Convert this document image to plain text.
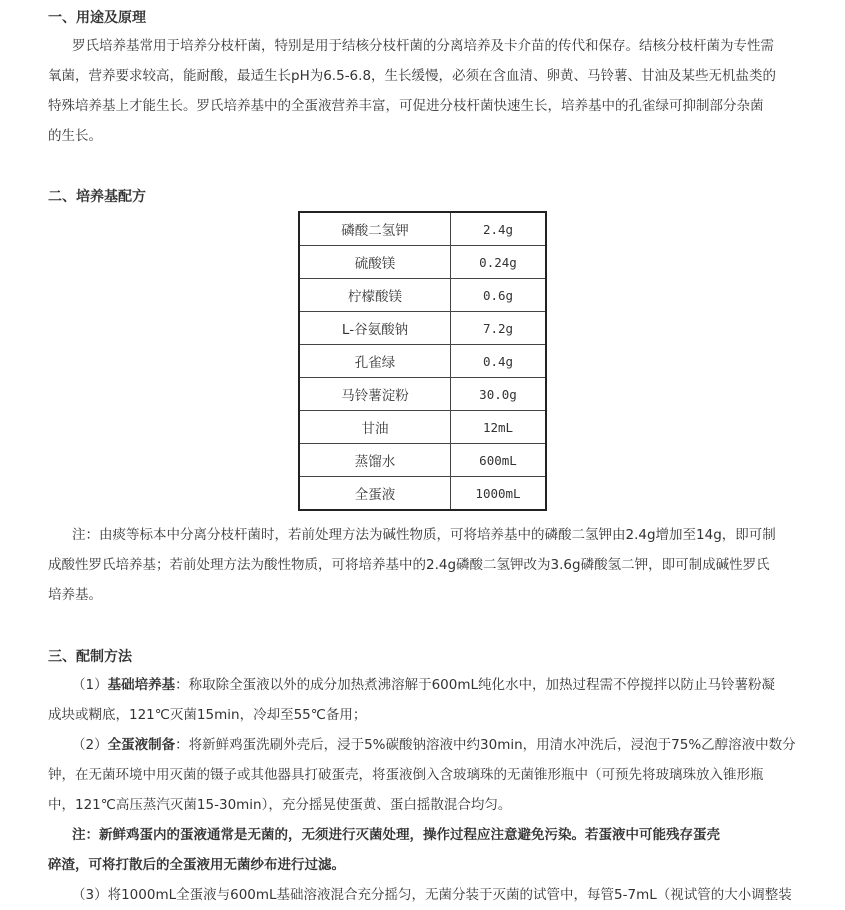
一、用途及原理
罗氏培养基常用于培养分枝杆菌，特别是用于结核分枝杆菌的分离培养及卡介苗的传代和保存。结核分枝杆菌为专性需
氧菌，营养要求较高，能耐酸，最适生长pH为6.5-6.8，生长缓慢，必须在含血清、卵黄、马铃薯、甘油及某些无机盐类的
特殊培养基上才能生长。罗氏培养基中的全蛋液营养丰富，可促进分枝杆菌快速生长，培养基中的孔雀绿可抑制部分杂菌
的生长。
二、培养基配方
磷酸二氢钾	2.4g
硫酸镁	0.24g
柠檬酸镁	0.6g
L-谷氨酸钠	7.2g
孔雀绿	0.4g
马铃薯淀粉	30.0g
甘油	12mL
蒸馏水	600mL
全蛋液	1000mL
注：由痰等标本中分离分枝杆菌时，若前处理方法为碱性物质，可将培养基中的磷酸二氢钾由2.4g增加至14g，即可制
成酸性罗氏培养基；若前处理方法为酸性物质，可将培养基中的2.4g磷酸二氢钾改为3.6g磷酸氢二钾，即可制成碱性罗氏
培养基。
三、配制方法
（1）基础培养基：称取除全蛋液以外的成分加热煮沸溶解于600mL纯化水中，加热过程需不停搅拌以防止马铃薯粉凝
成块或糊底，121℃灭菌15min，冷却至55℃备用；
（2）全蛋液制备：将新鲜鸡蛋洗刷外壳后，浸于5%碳酸钠溶液中约30min，用清水冲洗后，浸泡于75%乙醇溶液中数分
钟，在无菌环境中用灭菌的镊子或其他器具打破蛋壳，将蛋液倒入含玻璃珠的无菌锥形瓶中（可预先将玻璃珠放入锥形瓶
中，121℃高压蒸汽灭菌15-30min），充分摇晃使蛋黄、蛋白摇散混合均匀。
注：新鲜鸡蛋内的蛋液通常是无菌的，无须进行灭菌处理，操作过程应注意避免污染。若蛋液中可能残存蛋壳
碎渣，可将打散后的全蛋液用无菌纱布进行过滤。
（3）将1000mL全蛋液与600mL基础溶液混合充分摇匀，无菌分装于灭菌的试管中，每管5-7mL（视试管的大小调整装
